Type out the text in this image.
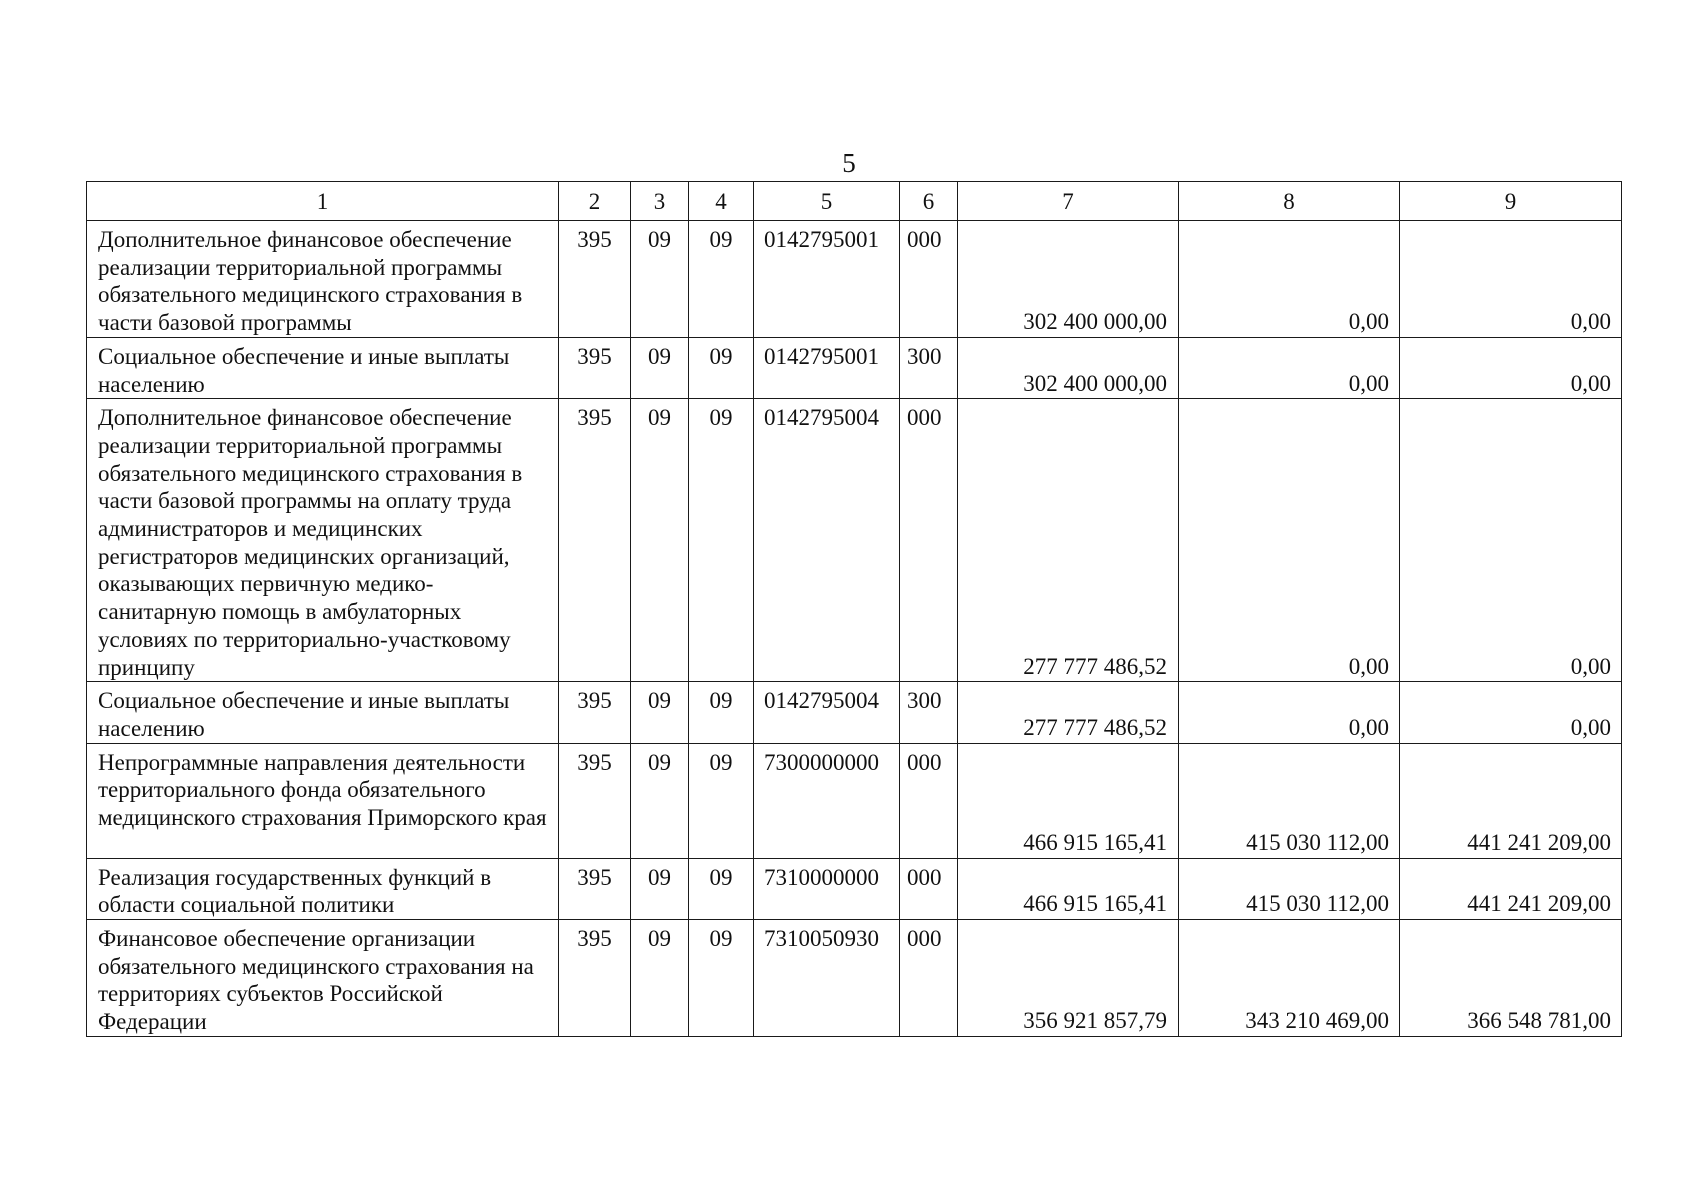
5
1	2	3	4	5	6	7	8	9
Дополнительное финансовое обеспечение реализации территориальной программы обязательного медицинского страхования в части базовой программы	395	09	09	0142795001	000	302 400 000,00	0,00	0,00
Социальное обеспечение и иные выплаты населению	395	09	09	0142795001	300	302 400 000,00	0,00	0,00
Дополнительное финансовое обеспечение реализации территориальной программы обязательного медицинского страхования в части базовой программы на оплату труда администраторов и медицинских регистраторов медицинских организаций, оказывающих первичную медико-санитарную помощь в амбулаторных условиях по территориально-участковому принципу	395	09	09	0142795004	000	277 777 486,52	0,00	0,00
Социальное обеспечение и иные выплаты населению	395	09	09	0142795004	300	277 777 486,52	0,00	0,00
Непрограммные направления деятельности территориального фонда обязательного медицинского страхования Приморского края	395	09	09	7300000000	000	466 915 165,41	415 030 112,00	441 241 209,00
Реализация государственных функций в области социальной политики	395	09	09	7310000000	000	466 915 165,41	415 030 112,00	441 241 209,00
Финансовое обеспечение организации обязательного медицинского страхования на территориях субъектов Российской Федерации	395	09	09	7310050930	000	356 921 857,79	343 210 469,00	366 548 781,00
